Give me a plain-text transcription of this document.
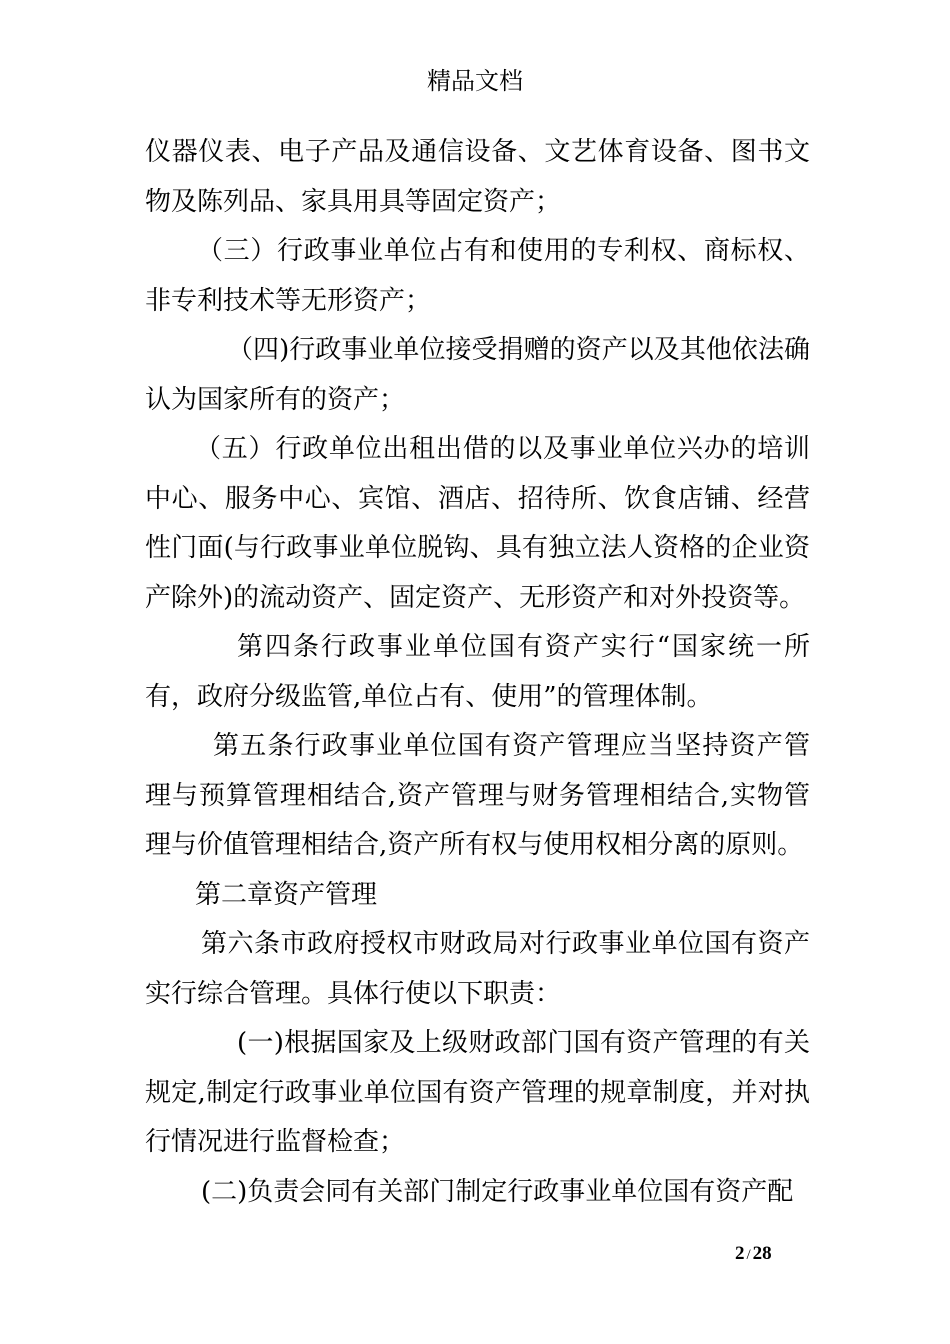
精品文档

仪器仪表、电子产品及通信设备、文艺体育设备、图书文物及陈列品、家具用具等固定资产；

（三）行政事业单位占有和使用的专利权、商标权、非专利技术等无形资产；

（四)行政事业单位接受捐赠的资产以及其他依法确认为国家所有的资产；

（五）行政单位出租出借的以及事业单位兴办的培训中心、服务中心、宾馆、酒店、招待所、饮食店铺、经营性门面(与行政事业单位脱钩、具有独立法人资格的企业资产除外)的流动资产、固定资产、无形资产和对外投资等。

第四条行政事业单位国有资产实行“国家统一所有，政府分级监管,单位占有、使用”的管理体制。

第五条行政事业单位国有资产管理应当坚持资产管理与预算管理相结合,资产管理与财务管理相结合,实物管理与价值管理相结合,资产所有权与使用权相分离的原则。

第二章资产管理

第六条市政府授权市财政局对行政事业单位国有资产实行综合管理。具体行使以下职责：

(一)根据国家及上级财政部门国有资产管理的有关规定,制定行政事业单位国有资产管理的规章制度，并对执行情况进行监督检查；

(二)负责会同有关部门制定行政事业单位国有资产配

2 / 28
